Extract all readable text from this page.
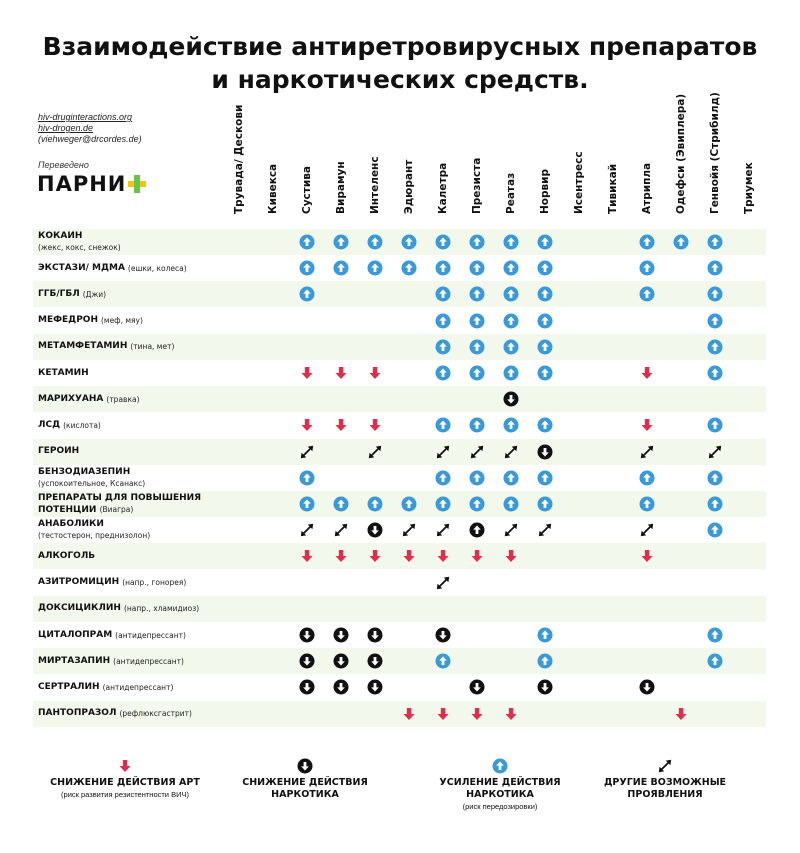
Взаимодействие антиретровирусных препаратов
и наркотических средств.
hiv-druginteractions.org
hiv-drogen.de
(viehweger@drcordes.de)
Переведено
ПАРНИ	Трувада/ Дескови Кивекса Сустива Вирамун Интеленс Эдюрант Калетра Презиста Реатаз Норвир Исентресс Тивикай Атрипла Одефси (Эвиплера) Генвойя (Стрибилд) Триумек
КОКАИН
(жекс, кокс, снежок)
ЭКСТАЗИ/ МДМА (ешки, колеса)
ГГБ/ГБЛ (Джи)
МЕФЕДРОН (меф, мяу)
МЕТАМФЕТАМИН (тина, мет)
КЕТАМИН
МАРИХУАНА (травка)
ЛСД (кислота)
ГЕРОИН
БЕНЗОДИАЗЕПИН
(успокоительное, Ксанакс)
ПРЕПАРАТЫ ДЛЯ ПОВЫШЕНИЯ
ПОТЕНЦИИ (Виагра)
АНАБОЛИКИ
(тестостерон, преднизолон)
АЛКОГОЛЬ
АЗИТРОМИЦИН (напр., гонорея)
ДОКСИЦИКЛИН (напр., хламидиоз)
ЦИТАЛОПРАМ (антидепрессант)
МИРТАЗАПИН (антидепрессант)
СЕРТРАЛИН (антидепрессант)
ПАНТОПРАЗОЛ (рефлюксгастрит)
СНИЖЕНИЕ ДЕЙСТВИЯ АРТ
(риск развития резистентности ВИЧ)
СНИЖЕНИЕ ДЕЙСТВИЯ
НАРКОТИКА
УСИЛЕНИЕ ДЕЙСТВИЯ
НАРКОТИКА
(риск передозировки)
ДРУГИЕ ВОЗМОЖНЫЕ
ПРОЯВЛЕНИЯ
